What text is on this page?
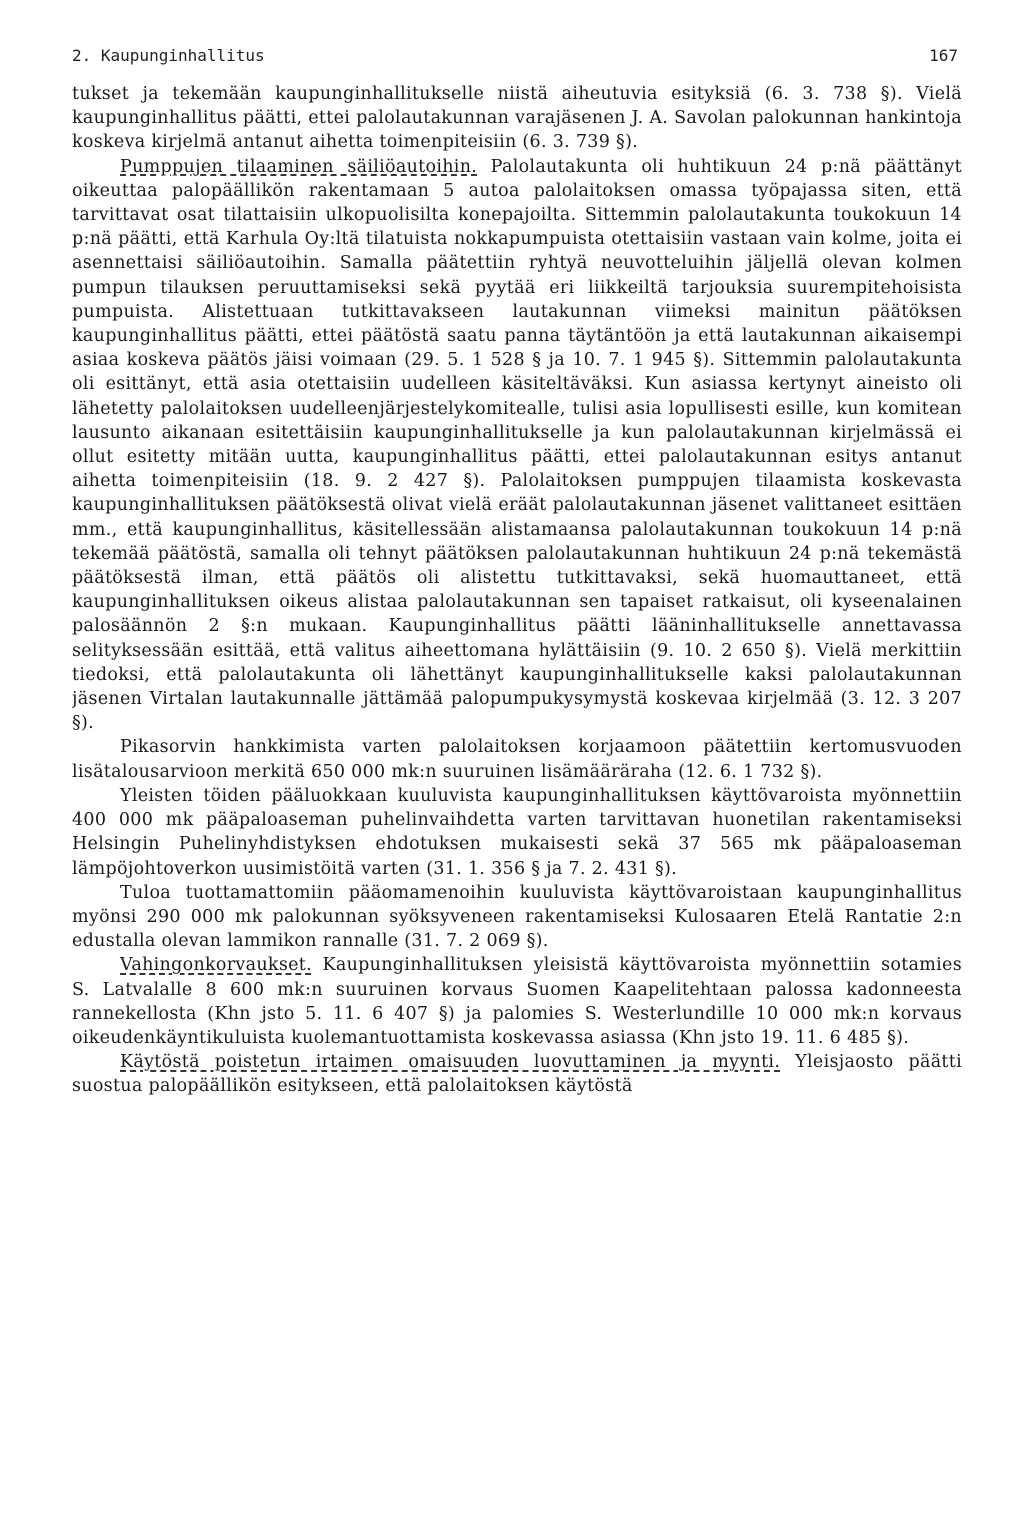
2. Kaupunginhallitus	167

tukset ja tekemään kaupunginhallitukselle niistä aiheutuvia esityksiä (6. 3. 738 §). Vielä kaupunginhallitus päätti, ettei palolautakunnan varajäsenen J. A. Savolan palokunnan hankintoja koskeva kirjelmä antanut aihetta toimenpiteisiin (6. 3. 739 §).

Pumppujen tilaaminen säiliöautoihin. Palolautakunta oli huhtikuun 24 p:nä päättänyt oikeuttaa palopäällikön rakentamaan 5 autoa palolaitoksen omassa työpajassa siten, että tarvittavat osat tilattaisiin ulkopuolisilta konepajoilta. Sittemmin palolautakunta toukokuun 14 p:nä päätti, että Karhula Oy:ltä tilatuista nokkapumpuista otettaisiin vastaan vain kolme, joita ei asennettaisi säiliöautoihin. Samalla päätettiin ryhtyä neuvotteluihin jäljellä olevan kolmen pumpun tilauksen peruuttamiseksi sekä pyytää eri liikkeiltä tarjouksia suurempitehoisista pumpuista. Alistettuaan tutkittavakseen lautakunnan viimeksi mainitun päätöksen kaupunginhallitus päätti, ettei päätöstä saatu panna täytäntöön ja että lautakunnan aikaisempi asiaa koskeva päätös jäisi voimaan (29. 5. 1 528 § ja 10. 7. 1 945 §). Sittemmin palolautakunta oli esittänyt, että asia otettaisiin uudelleen käsiteltäväksi. Kun asiassa kertynyt aineisto oli lähetetty palolaitoksen uudelleenjärjestelykomitealle, tulisi asia lopullisesti esille, kun komitean lausunto aikanaan esitettäisiin kaupunginhallitukselle ja kun palolautakunnan kirjelmässä ei ollut esitetty mitään uutta, kaupunginhallitus päätti, ettei palolautakunnan esitys antanut aihetta toimenpiteisiin (18. 9. 2 427 §). Palolaitoksen pumppujen tilaamista koskevasta kaupunginhallituksen päätöksestä olivat vielä eräät palolautakunnan jäsenet valittaneet esittäen mm., että kaupunginhallitus, käsitellessään alistamaansa palolautakunnan toukokuun 14 p:nä tekemää päätöstä, samalla oli tehnyt päätöksen palolautakunnan huhtikuun 24 p:nä tekemästä päätöksestä ilman, että päätös oli alistettu tutkittavaksi, sekä huomauttaneet, että kaupunginhallituksen oikeus alistaa palolautakunnan sen tapaiset ratkaisut, oli kyseenalainen palosäännön 2 §:n mukaan. Kaupunginhallitus päätti lääninhallitukselle annettavassa selityksessään esittää, että valitus aiheettomana hylättäisiin (9. 10. 2 650 §). Vielä merkittiin tiedoksi, että palolautakunta oli lähettänyt kaupunginhallitukselle kaksi palolautakunnan jäsenen Virtalan lautakunnalle jättämää palopumpukysymystä koskevaa kirjelmää (3. 12. 3 207 §).

Pikasorvin hankkimista varten palolaitoksen korjaamoon päätettiin kertomusvuoden lisätalousarvioon merkitä 650 000 mk:n suuruinen lisämääräraha (12. 6. 1 732 §).

Yleisten töiden pääluokkaan kuuluvista kaupunginhallituksen käyttövaroista myönnettiin 400 000 mk pääpaloaseman puhelinvaihdetta varten tarvittavan huonetilan rakentamiseksi Helsingin Puhelinyhdistyksen ehdotuksen mukaisesti sekä 37 565 mk pääpaloaseman lämpöjohtoverkon uusimistöitä varten (31. 1. 356 § ja 7. 2. 431 §).

Tuloa tuottamattomiin pääomamenoihin kuuluvista käyttövaroistaan kaupunginhallitus myönsi 290 000 mk palokunnan syöksyveneen rakentamiseksi Kulosaaren Etelä Rantatie 2:n edustalla olevan lammikon rannalle (31. 7. 2 069 §).

Vahingonkorvaukset. Kaupunginhallituksen yleisistä käyttövaroista myönnettiin sotamies S. Latvalalle 8 600 mk:n suuruinen korvaus Suomen Kaapelitehtaan palossa kadonneesta rannekellosta (Khn jsto 5. 11. 6 407 §) ja palomies S. Westerlundille 10 000 mk:n korvaus oikeudenkäyntikuluista kuolemantuottamista koskevassa asiassa (Khn jsto 19. 11. 6 485 §).

Käytöstä poistetun irtaimen omaisuuden luovuttaminen ja myynti. Yleisjaosto päätti suostua palopäällikön esitykseen, että palolaitoksen käytöstä
